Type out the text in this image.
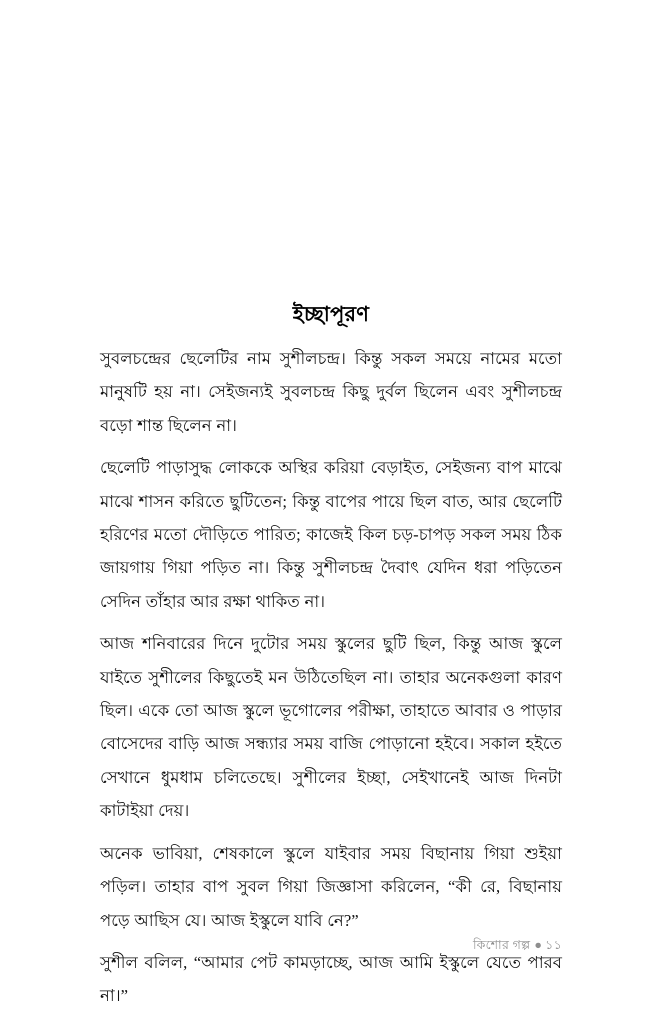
ইচ্ছাপূরণ

সুবলচন্দ্রের ছেলেটির নাম সুশীলচন্দ্র। কিন্তু সকল সময়ে নামের মতো মানুষটি হয় না। সেইজন্যই সুবলচন্দ্র কিছু দুর্বল ছিলেন এবং সুশীলচন্দ্র বড়ো শান্ত ছিলেন না।

ছেলেটি পাড়াসুদ্ধ লোককে অস্থির করিয়া বেড়াইত, সেইজন্য বাপ মাঝে মাঝে শাসন করিতে ছুটিতেন; কিন্তু বাপের পায়ে ছিল বাত, আর ছেলেটি হরিণের মতো দৌড়িতে পারিত; কাজেই কিল চড়-চাপড় সকল সময় ঠিক জায়গায় গিয়া পড়িত না। কিন্তু সুশীলচন্দ্র দৈবাৎ যেদিন ধরা পড়িতেন সেদিন তাঁহার আর রক্ষা থাকিত না।

আজ শনিবারের দিনে দুটোর সময় স্কুলের ছুটি ছিল, কিন্তু আজ স্কুলে যাইতে সুশীলের কিছুতেই মন উঠিতেছিল না। তাহার অনেকগুলা কারণ ছিল। একে তো আজ স্কুলে ভূগোলের পরীক্ষা, তাহাতে আবার ও পাড়ার বোসেদের বাড়ি আজ সন্ধ্যার সময় বাজি পোড়ানো হইবে। সকাল হইতে সেখানে ধুমধাম চলিতেছে। সুশীলের ইচ্ছা, সেইখানেই আজ দিনটা কাটাইয়া দেয়।

অনেক ভাবিয়া, শেষকালে স্কুলে যাইবার সময় বিছানায় গিয়া শুইয়া পড়িল। তাহার বাপ সুবল গিয়া জিজ্ঞাসা করিলেন, “কী রে, বিছানায় পড়ে আছিস যে। আজ ইস্কুলে যাবি নে?”

সুশীল বলিল, “আমার পেট কামড়াচ্ছে, আজ আমি ইস্কুলে যেতে পারব না।”

কিশোর গল্প ● ১১
